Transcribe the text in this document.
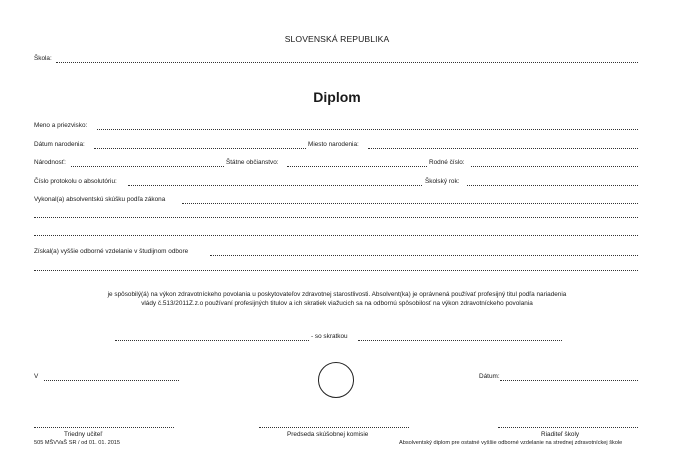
SLOVENSKÁ REPUBLIKA
Škola:
Diplom
Meno a priezvisko:
Dátum narodenia:	Miesto narodenia:
Národnosť:	Štátne občianstvo:	Rodné číslo:
Číslo protokolu o absolutóriu:	Školský rok:
Vykonal(a) absolventskú skúšku podľa zákona
Získal(a) vyššie odborné vzdelanie v študijnom odbore
je spôsobilý(á) na výkon zdravotníckeho povolania u poskytovateľov zdravotnej starostlivosti. Absolvent(ka) je oprávnená používať profesijný titul podľa nariadenia
vlády č.513/2011Z.z.o používaní profesijných titulov a ich skratiek viažucich sa na odbornú spôsobilosť na výkon zdravotníckeho povolania
- so skratkou
V	Dátum:
Triedny učiteľ	Predseda skúšobnej komisie	Riaditeľ školy
505 MŠVVaŠ SR / od 01. 01. 2015	Absolventský diplom pre ostatné vyššie odborné vzdelanie na strednej zdravotníckej škole
